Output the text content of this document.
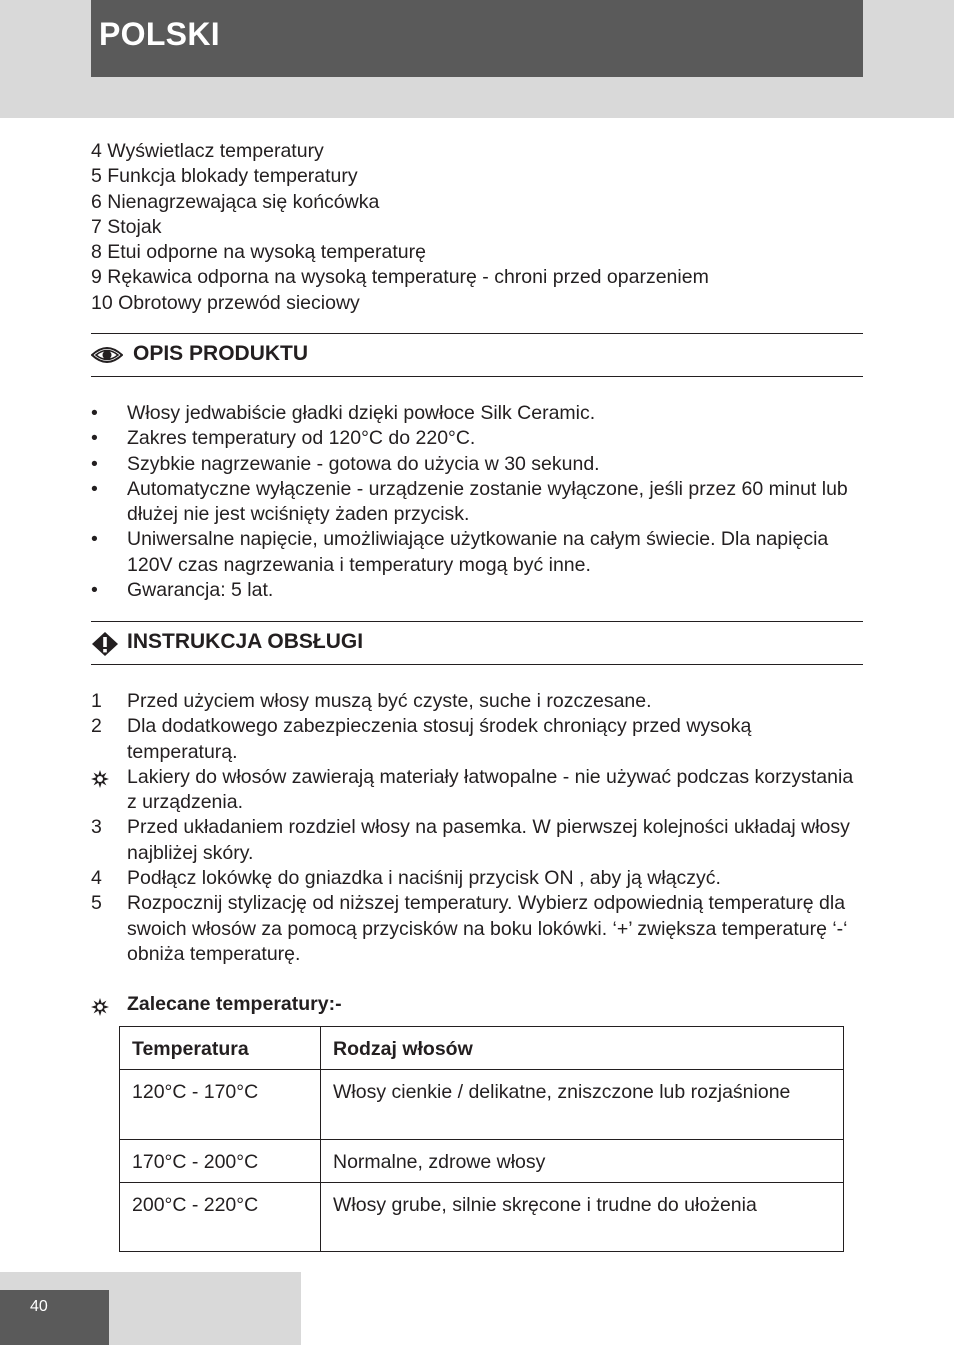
POLSKI
4 Wyświetlacz temperatury
5 Funkcja blokady temperatury
6 Nienagrzewająca się końcówka
7 Stojak
8 Etui odporne na wysoką temperaturę
9 Rękawica odporna na wysoką temperaturę - chroni przed oparzeniem
10 Obrotowy przewód sieciowy
OPIS PRODUKTU
• Włosy jedwabiście gładki dzięki powłoce Silk Ceramic.
• Zakres temperatury od 120°C do 220°C.
• Szybkie nagrzewanie - gotowa do użycia w 30 sekund.
• Automatyczne wyłączenie - urządzenie zostanie wyłączone, jeśli przez 60 minut lub dłużej nie jest wciśnięty żaden przycisk.
• Uniwersalne napięcie, umożliwiające użytkowanie na całym świecie. Dla napięcia 120V czas nagrzewania i temperatury mogą być inne.
• Gwarancja: 5 lat.
INSTRUKCJA OBSŁUGI
1 Przed użyciem włosy muszą być czyste, suche i rozczesane.
2 Dla dodatkowego zabezpieczenia stosuj środek chroniący przed wysoką temperaturą.
Lakiery do włosów zawierają materiały łatwopalne - nie używać podczas korzystania z urządzenia.
3 Przed układaniem rozdziel włosy na pasemka. W pierwszej kolejności układaj włosy najbliżej skóry.
4 Podłącz lokówkę do gniazdka i naciśnij przycisk ON , aby ją włączyć.
5 Rozpocznij stylizację od niższej temperatury. Wybierz odpowiednią temperaturę dla swoich włosów za pomocą przycisków na boku lokówki. ‘+’ zwiększa temperaturę ‘-‘ obniża temperaturę.
Zalecane temperatury:-
Temperatura	Rodzaj włosów
120°C - 170°C	Włosy cienkie / delikatne, zniszczone lub rozjaśnione
170°C - 200°C	Normalne, zdrowe włosy
200°C - 220°C	Włosy grube, silnie skręcone i trudne do ułożenia
40
